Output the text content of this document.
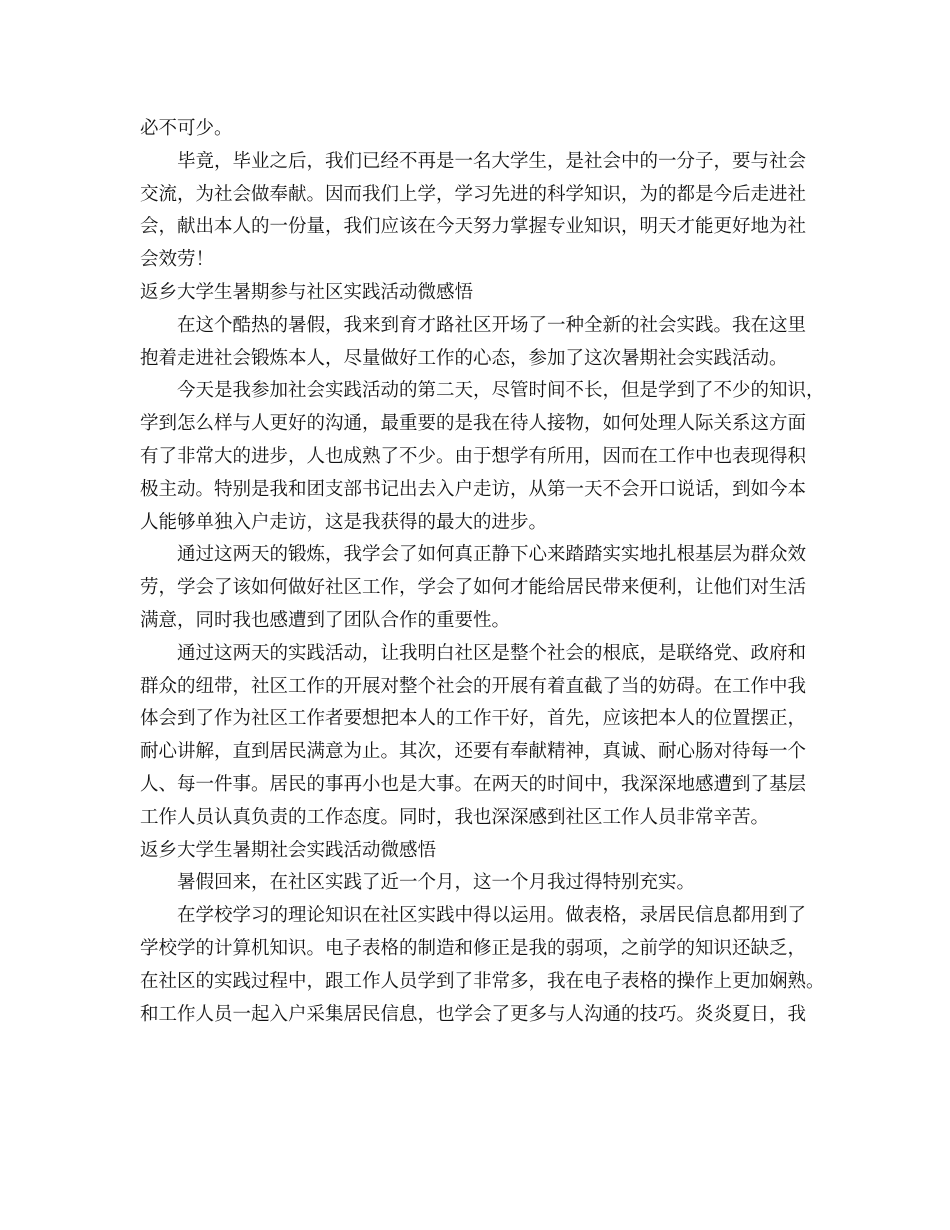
必不可少。
毕竟，毕业之后，我们已经不再是一名大学生，是社会中的一分子，要与社会
交流，为社会做奉献。因而我们上学，学习先进的科学知识，为的都是今后走进社
会，献出本人的一份量，我们应该在今天努力掌握专业知识，明天才能更好地为社
会效劳！
返乡大学生暑期参与社区实践活动微感悟
在这个酷热的暑假，我来到育才路社区开场了一种全新的社会实践。我在这里
抱着走进社会锻炼本人，尽量做好工作的心态，参加了这次暑期社会实践活动。
今天是我参加社会实践活动的第二天，尽管时间不长，但是学到了不少的知识，
学到怎么样与人更好的沟通，最重要的是我在待人接物，如何处理人际关系这方面
有了非常大的进步，人也成熟了不少。由于想学有所用，因而在工作中也表现得积
极主动。特别是我和团支部书记出去入户走访，从第一天不会开口说话，到如今本
人能够单独入户走访，这是我获得的最大的进步。
通过这两天的锻炼，我学会了如何真正静下心来踏踏实实地扎根基层为群众效
劳，学会了该如何做好社区工作，学会了如何才能给居民带来便利，让他们对生活
满意，同时我也感遭到了团队合作的重要性。
通过这两天的实践活动，让我明白社区是整个社会的根底，是联络党、政府和
群众的纽带，社区工作的开展对整个社会的开展有着直截了当的妨碍。在工作中我
体会到了作为社区工作者要想把本人的工作干好，首先，应该把本人的位置摆正，
耐心讲解，直到居民满意为止。其次，还要有奉献精神，真诚、耐心肠对待每一个
人、每一件事。居民的事再小也是大事。在两天的时间中，我深深地感遭到了基层
工作人员认真负责的工作态度。同时，我也深深感到社区工作人员非常辛苦。
返乡大学生暑期社会实践活动微感悟
暑假回来，在社区实践了近一个月，这一个月我过得特别充实。
在学校学习的理论知识在社区实践中得以运用。做表格，录居民信息都用到了
学校学的计算机知识。电子表格的制造和修正是我的弱项，之前学的知识还缺乏，
在社区的实践过程中，跟工作人员学到了非常多，我在电子表格的操作上更加娴熟。
和工作人员一起入户采集居民信息，也学会了更多与人沟通的技巧。炎炎夏日，我
